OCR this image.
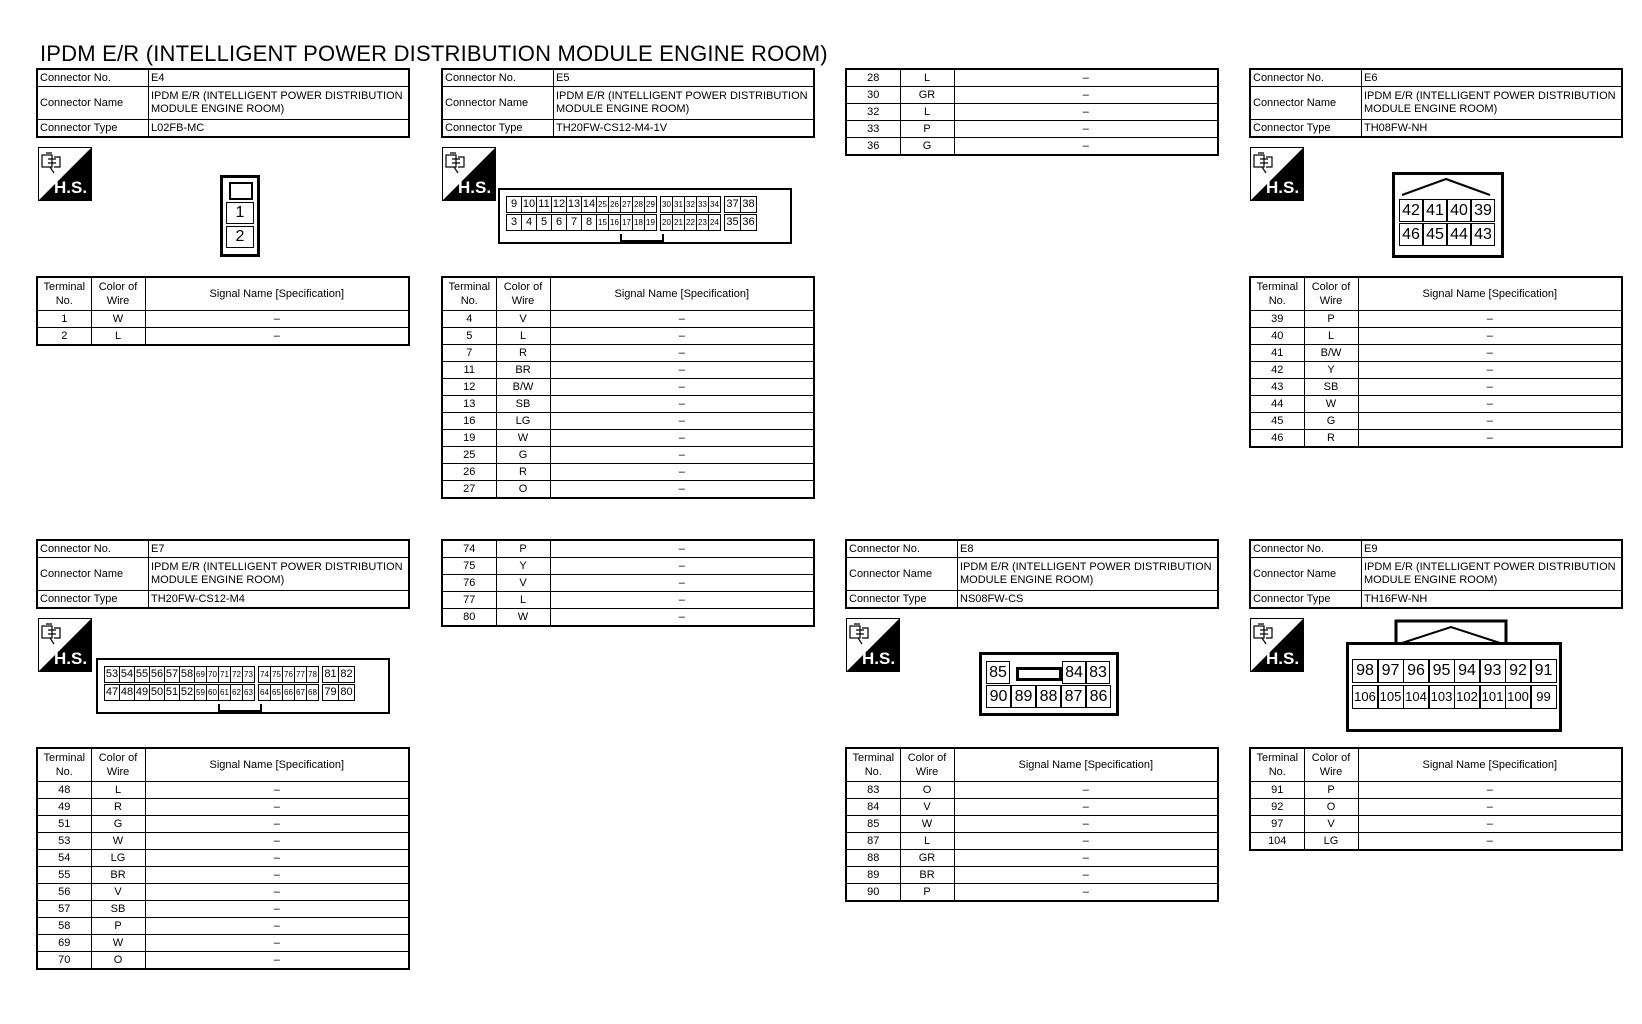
IPDM E/R (INTELLIGENT POWER DISTRIBUTION MODULE ENGINE ROOM)
Connector No.	E4
Connector Name	IPDM E/R (INTELLIGENT POWER DISTRIBUTION MODULE ENGINE ROOM)
Connector Type	L02FB-MC
H.S.
1
2
Terminal No.	Color of Wire	Signal Name [Specification]
1	W	–
2	L	–
Connector No.	E5
Connector Name	IPDM E/R (INTELLIGENT POWER DISTRIBUTION MODULE ENGINE ROOM)
Connector Type	TH20FW-CS12-M4-1V
H.S.
9 10 11 12 13 14 25 26 27 28 29 30 31 32 33 34 37 38
3 4 5 6 7 8 15 16 17 18 19 20 21 22 23 24 35 36
Terminal No.	Color of Wire	Signal Name [Specification]
4	V	–
5	L	–
7	R	–
11	BR	–
12	B/W	–
13	SB	–
16	LG	–
19	W	–
25	G	–
26	R	–
27	O	–
28	L	–
30	GR	–
32	L	–
33	P	–
36	G	–
Connector No.	E6
Connector Name	IPDM E/R (INTELLIGENT POWER DISTRIBUTION MODULE ENGINE ROOM)
Connector Type	TH08FW-NH
H.S.
42 41 40 39
46 45 44 43
Terminal No.	Color of Wire	Signal Name [Specification]
39	P	–
40	L	–
41	B/W	–
42	Y	–
43	SB	–
44	W	–
45	G	–
46	R	–
Connector No.	E7
Connector Name	IPDM E/R (INTELLIGENT POWER DISTRIBUTION MODULE ENGINE ROOM)
Connector Type	TH20FW-CS12-M4
H.S.
53 54 55 56 57 58 69 70 71 72 73 74 75 76 77 78 81 82
47 48 49 50 51 52 59 60 61 62 63 64 65 66 67 68 79 80
Terminal No.	Color of Wire	Signal Name [Specification]
48	L	–
49	R	–
51	G	–
53	W	–
54	LG	–
55	BR	–
56	V	–
57	SB	–
58	P	–
69	W	–
70	O	–
74	P	–
75	Y	–
76	V	–
77	L	–
80	W	–
Connector No.	E8
Connector Name	IPDM E/R (INTELLIGENT POWER DISTRIBUTION MODULE ENGINE ROOM)
Connector Type	NS08FW-CS
H.S.
85	84 83
90 89 88 87 86
Terminal No.	Color of Wire	Signal Name [Specification]
83	O	–
84	V	–
85	W	–
87	L	–
88	GR	–
89	BR	–
90	P	–
Connector No.	E9
Connector Name	IPDM E/R (INTELLIGENT POWER DISTRIBUTION MODULE ENGINE ROOM)
Connector Type	TH16FW-NH
H.S.
98 97 96 95 94 93 92 91
106 105 104 103 102 101 100 99
Terminal No.	Color of Wire	Signal Name [Specification]
91	P	–
92	O	–
97	V	–
104	LG	–
